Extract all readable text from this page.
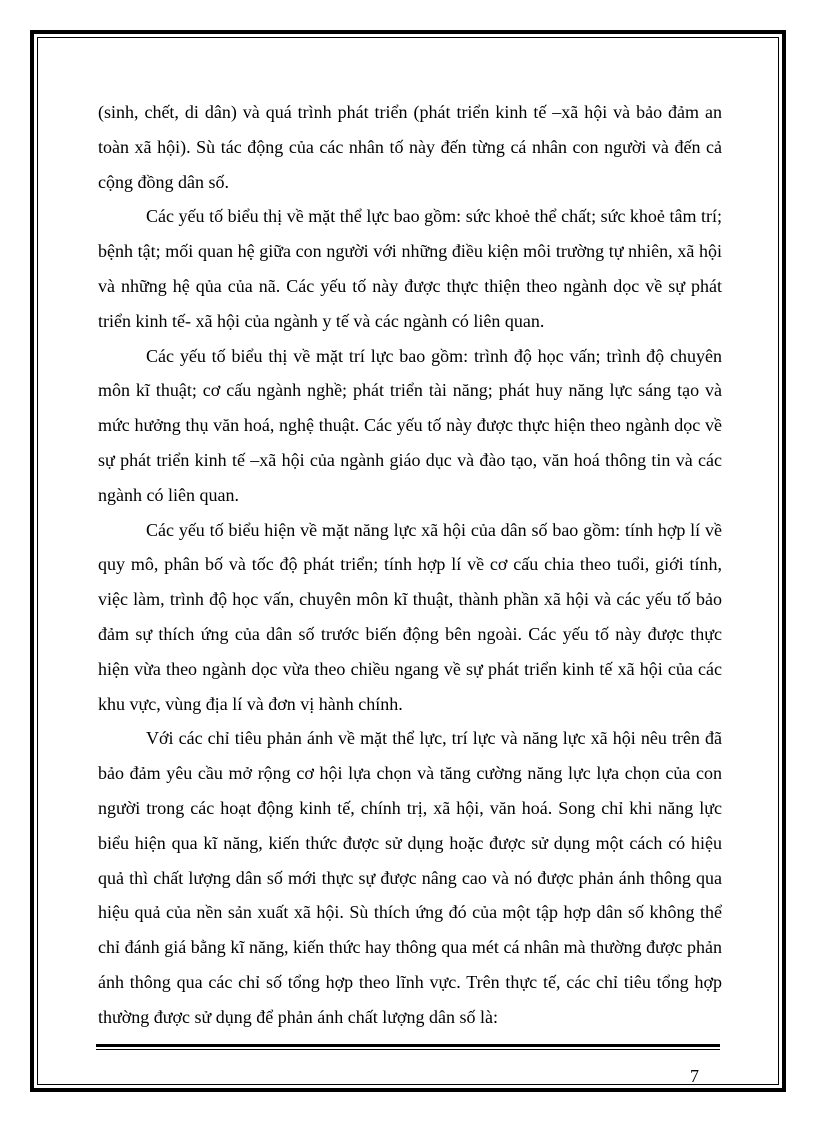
(sinh, chết, di dân) và quá trình phát triển (phát triển kinh tế –xã hội và bảo đảm an toàn xã hội). Sù tác động của các nhân tố này đến từng cá nhân con người và đến cả cộng đồng dân số.

Các yếu tố biểu thị về mặt thể lực bao gồm: sức khoẻ thể chất; sức khoẻ tâm trí; bệnh tật; mối quan hệ giữa con người với những điều kiện môi trường tự nhiên, xã hội và những hệ qủa của nã. Các yếu tố này được thực thiện theo ngành dọc về sự phát triển kinh tế- xã hội của ngành y tế và các ngành có liên quan.

Các yếu tố biểu thị về mặt trí lực bao gồm: trình độ học vấn; trình độ chuyên môn kĩ thuật; cơ cấu ngành nghề; phát triển tài năng; phát huy năng lực sáng tạo và mức hưởng thụ văn hoá, nghệ thuật. Các yếu tố này được thực hiện theo ngành dọc về sự phát triển kinh tế –xã hội của ngành giáo dục và đào tạo, văn hoá thông tin và các ngành có liên quan.

Các yếu tố biểu hiện về mặt năng lực xã hội của dân số bao gồm: tính hợp lí về quy mô, phân bố và tốc độ phát triển; tính hợp lí về cơ cấu chia theo tuổi, giới tính, việc làm, trình độ học vấn, chuyên môn kĩ thuật, thành phần xã hội và các yếu tố bảo đảm sự thích ứng của dân số trước biến động bên ngoài. Các yếu tố này được thực hiện vừa theo ngành dọc vừa theo chiều ngang về sự phát triển kinh tế xã hội của các khu vực, vùng địa lí và đơn vị hành chính.

Với các chỉ tiêu phản ánh về mặt thể lực, trí lực và năng lực xã hội nêu trên đã bảo đảm yêu cầu mở rộng cơ hội lựa chọn và tăng cường năng lực lựa chọn của con người trong các hoạt động kinh tế, chính trị, xã hội, văn hoá. Song chỉ khi năng lực biểu hiện qua kĩ năng, kiến thức được sử dụng hoặc được sử dụng một cách có hiệu quả thì chất lượng dân số mới thực sự được nâng cao và nó được phản ánh thông qua hiệu quả của nền sản xuất xã hội. Sù thích ứng đó của một tập hợp dân số không thể chỉ đánh giá bằng kĩ năng, kiến thức hay thông qua mét cá nhân mà thường được phản ánh thông qua các chỉ số tổng hợp theo lĩnh vực. Trên thực tế, các chỉ tiêu tổng hợp thường được sử dụng để phản ánh chất lượng dân số là:

7
